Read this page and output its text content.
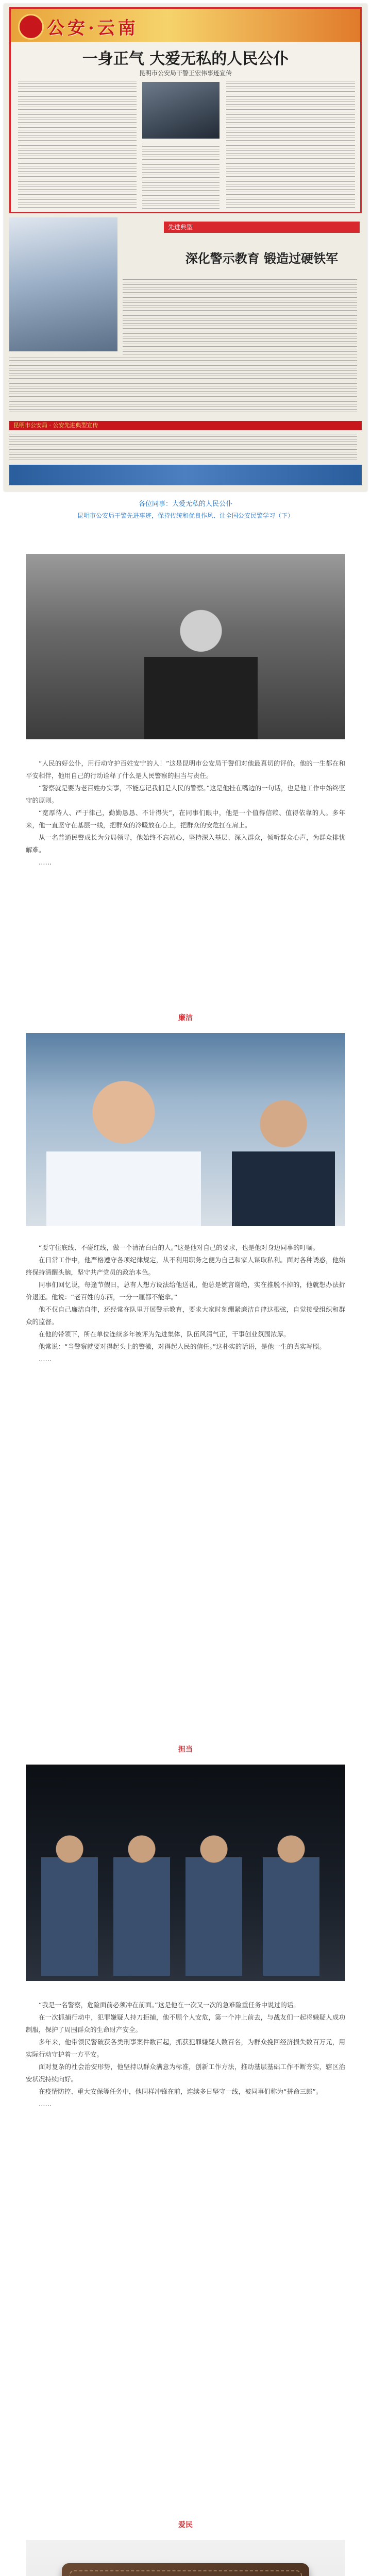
公安·云南
一身正气 大爱无私的人民公仆
昆明市公安局干警王宏伟事迹宣传
先进典型
深化警示教育 锻造过硬铁军
昆明市公安局 · 公安先进典型宣传
各位同事：大爱无私的人民公仆
昆明市公安局干警先进事迹，保持传统和优良作风、让全国公安民警学习（下）

“人民的好公仆，用行动守护百姓安宁的人！”这是昆明市公安局干警们对他最真切的评价。他的一生都在和平安相伴，他用自己的行动诠释了什么是人民警察的担当与责任。

“警察就是要为老百姓办实事，不能忘记我们是人民的警察。”这是他挂在嘴边的一句话，也是他工作中始终坚守的原则。

“宽厚待人、严于律己，勤勤恳恳、不计得失”，在同事们眼中，他是一个值得信赖、值得依靠的人。多年来，他一直坚守在基层一线，把群众的冷暖放在心上，把群众的安危扛在肩上。

从一名普通民警成长为分局领导，他始终不忘初心，坚持深入基层、深入群众，倾听群众心声，为群众排忧解难。

……

廉洁

“要守住底线、不碰红线，做一个清清白白的人。”这是他对自己的要求，也是他对身边同事的叮嘱。

在日常工作中，他严格遵守各项纪律规定，从不利用职务之便为自己和家人谋取私利。面对各种诱惑，他始终保持清醒头脑，坚守共产党员的政治本色。

同事们回忆说，每逢节假日，总有人想方设法给他送礼，他总是婉言谢绝，实在推脱不掉的，他就想办法折价退还。他说：“老百姓的东西，一分一厘都不能拿。”

他不仅自己廉洁自律，还经常在队里开展警示教育，要求大家时刻绷紧廉洁自律这根弦，自觉接受组织和群众的监督。

在他的带领下，所在单位连续多年被评为先进集体，队伍风清气正，干事创业氛围浓厚。

他常说：“当警察就要对得起头上的警徽，对得起人民的信任。”这朴实的话语，是他一生的真实写照。

……

担当

“我是一名警察，危险面前必须冲在前面。”这是他在一次又一次的急难险重任务中说过的话。

在一次抓捕行动中，犯罪嫌疑人持刀拒捕，他不顾个人安危，第一个冲上前去，与战友们一起将嫌疑人成功制服，保护了周围群众的生命财产安全。

多年来，他带领民警破获各类刑事案件数百起，抓获犯罪嫌疑人数百名，为群众挽回经济损失数百万元，用实际行动守护着一方平安。

面对复杂的社会治安形势，他坚持以群众满意为标准，创新工作方法，推动基层基础工作不断夯实，辖区治安状况持续向好。

在疫情防控、重大安保等任务中，他同样冲锋在前，连续多日坚守一线，被同事们称为“拼命三郎”。

……

爱民
